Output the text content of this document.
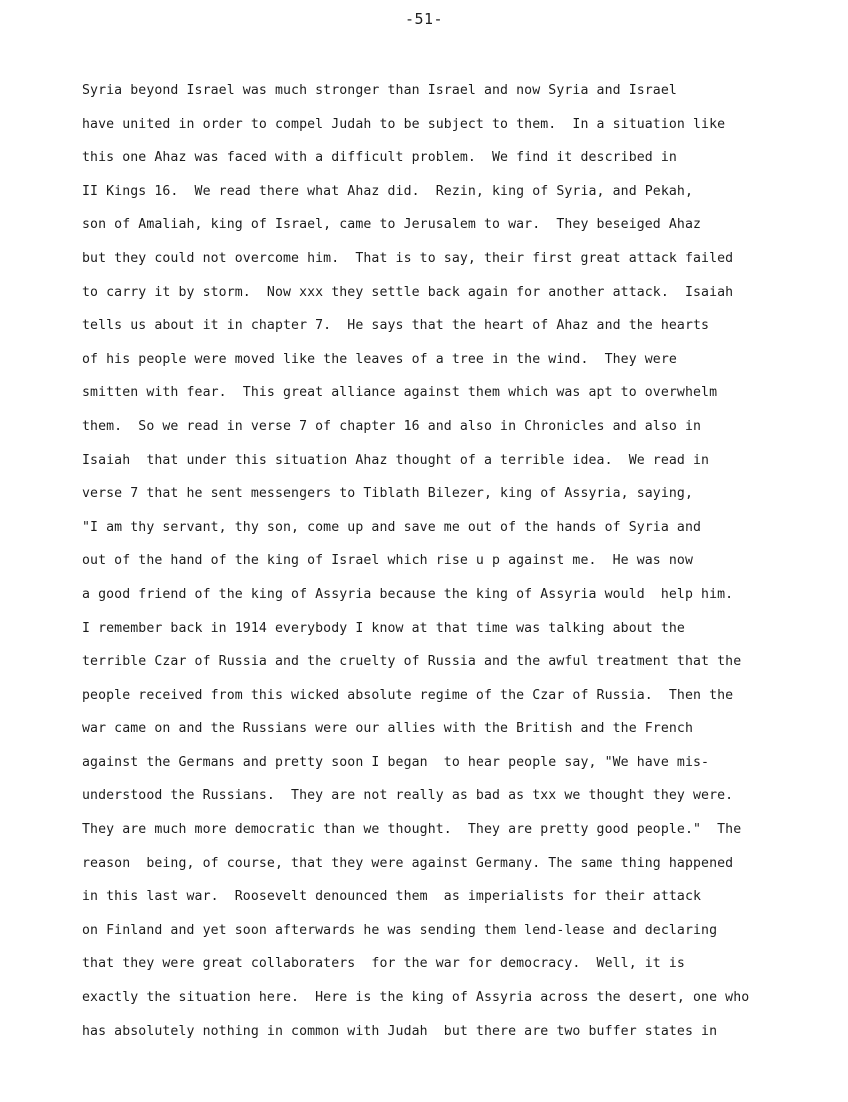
-51-
Syria beyond Israel was much stronger than Israel and now Syria and Israel
have united in order to compel Judah to be subject to them.  In a situation like
this one Ahaz was faced with a difficult problem.  We find it described in
II Kings 16.  We read there what Ahaz did.  Rezin, king of Syria, and Pekah,
son of Amaliah, king of Israel, came to Jerusalem to war.  They beseiged Ahaz
but they could not overcome him.  That is to say, their first great attack failed
to carry it by storm.  Now xxx they settle back again for another attack.  Isaiah
tells us about it in chapter 7.  He says that the heart of Ahaz and the hearts
of his people were moved like the leaves of a tree in the wind.  They were
smitten with fear.  This great alliance against them which was apt to overwhelm
them.  So we read in verse 7 of chapter 16 and also in Chronicles and also in
Isaiah  that under this situation Ahaz thought of a terrible idea.  We read in
verse 7 that he sent messengers to Tiblath Bilezer, king of Assyria, saying,
"I am thy servant, thy son, come up and save me out of the hands of Syria and
out of the hand of the king of Israel which rise u p against me.  He was now
a good friend of the king of Assyria because the king of Assyria would  help him.
I remember back in 1914 everybody I know at that time was talking about the
terrible Czar of Russia and the cruelty of Russia and the awful treatment that the
people received from this wicked absolute regime of the Czar of Russia.  Then the
war came on and the Russians were our allies with the British and the French
against the Germans and pretty soon I began  to hear people say, "We have mis-
understood the Russians.  They are not really as bad as txx we thought they were.
They are much more democratic than we thought.  They are pretty good people."  The
reason  being, of course, that they were against Germany. The same thing happened
in this last war.  Roosevelt denounced them  as imperialists for their attack
on Finland and yet soon afterwards he was sending them lend-lease and declaring
that they were great collaboraters  for the war for democracy.  Well, it is
exactly the situation here.  Here is the king of Assyria across the desert, one who
has absolutely nothing in common with Judah  but there are two buffer states in
